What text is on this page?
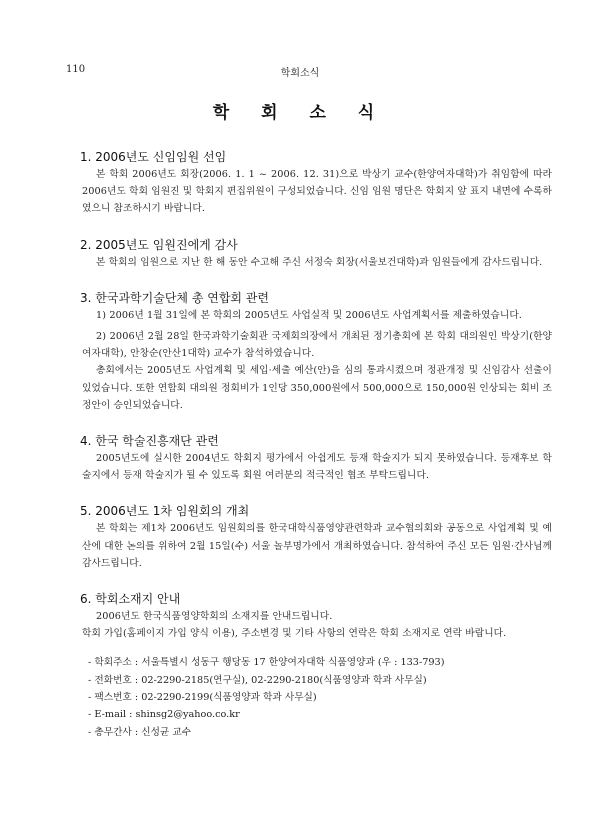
110	학회소식
학 회 소 식
1. 2006년도 신임임원 선임

본 학회 2006년도 회장(2006. 1. 1 ~ 2006. 12. 31)으로 박상기 교수(한양여자대학)가 취임함에 따라 2006년도 학회 임원진 및 학회지 편집위원이 구성되었습니다. 신임 임원 명단은 학회지 앞 표지 내면에 수록하였으니 참조하시기 바랍니다.

2. 2005년도 임원진에게 감사

본 학회의 임원으로 지난 한 해 동안 수고해 주신 서정숙 회장(서울보건대학)과 임원들에게 감사드립니다.

3. 한국과학기술단체 총 연합회 관련

1) 2006년 1월 31일에 본 학회의 2005년도 사업실적 및 2006년도 사업계획서를 제출하였습니다.

2) 2006년 2월 28일 한국과학기술회관 국제회의장에서 개최된 정기총회에 본 학회 대의원인 박상기(한양여자대학), 안창순(안산1대학) 교수가 참석하였습니다.

총회에서는 2005년도 사업계획 및 세입·세출 예산(안)을 심의 통과시켰으며 정관개정 및 신임감사 선출이 있었습니다. 또한 연합회 대의원 정회비가 1인당 350,000원에서 500,000으로 150,000원 인상되는 회비 조정안이 승인되었습니다.

4. 한국 학술진흥재단 관련

2005년도에 실시한 2004년도 학회지 평가에서 아쉽게도 등재 학술지가 되지 못하였습니다. 등재후보 학술지에서 등재 학술지가 될 수 있도록 회원 여러분의 적극적인 협조 부탁드립니다.

5. 2006년도 1차 임원회의 개최

본 학회는 제1차 2006년도 임원회의를 한국대학식품영양관련학과 교수협의회와 공동으로 사업계획 및 예산에 대한 논의를 위하여 2월 15일(수) 서울 놀부명가에서 개최하였습니다. 참석하여 주신 모든 임원·간사님께 감사드립니다.

6. 학회소재지 안내

2006년도 한국식품영양학회의 소재지를 안내드립니다.

학회 가입(홈페이지 가입 양식 이용), 주소변경 및 기타 사항의 연락은 학회 소재지로 연락 바랍니다.

- 학회주소 : 서울특별시 성동구 행당동 17 한양여자대학 식품영양과 (우 : 133-793)
- 전화번호 : 02-2290-2185(연구실), 02-2290-2180(식품영양과 학과 사무실)
- 팩스번호 : 02-2290-2199(식품영양과 학과 사무실)
- E-mail : shinsg2@yahoo.co.kr
- 총무간사 : 신성균 교수
